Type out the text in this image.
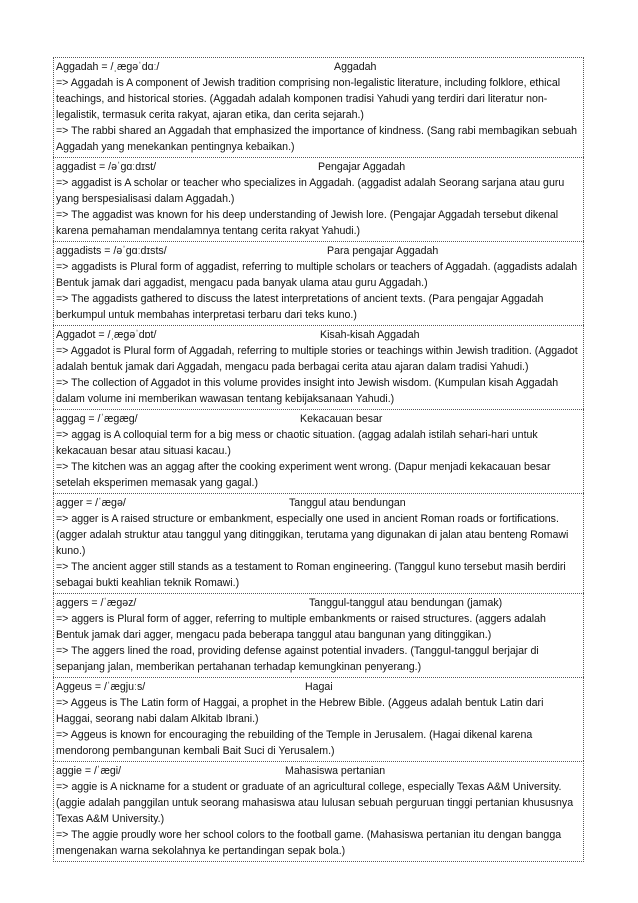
Aggadah = /ˌægəˈdɑː/	Aggadah
=> Aggadah is A component of Jewish tradition comprising non-legalistic literature, including folklore, ethical teachings, and historical stories. (Aggadah adalah komponen tradisi Yahudi yang terdiri dari literatur non-legalistik, termasuk cerita rakyat, ajaran etika, dan cerita sejarah.)
=> The rabbi shared an Aggadah that emphasized the importance of kindness. (Sang rabi membagikan sebuah Aggadah yang menekankan pentingnya kebaikan.)
aggadist = /əˈgɑːdɪst/	Pengajar Aggadah
=> aggadist is A scholar or teacher who specializes in Aggadah. (aggadist adalah Seorang sarjana atau guru yang berspesialisasi dalam Aggadah.)
=> The aggadist was known for his deep understanding of Jewish lore. (Pengajar Aggadah tersebut dikenal karena pemahaman mendalamnya tentang cerita rakyat Yahudi.)
aggadists = /əˈgɑːdɪsts/	Para pengajar Aggadah
=> aggadists is Plural form of aggadist, referring to multiple scholars or teachers of Aggadah. (aggadists adalah Bentuk jamak dari aggadist, mengacu pada banyak ulama atau guru Aggadah.)
=> The aggadists gathered to discuss the latest interpretations of ancient texts. (Para pengajar Aggadah berkumpul untuk membahas interpretasi terbaru dari teks kuno.)
Aggadot = /ˌægəˈdɒt/	Kisah-kisah Aggadah
=> Aggadot is Plural form of Aggadah, referring to multiple stories or teachings within Jewish tradition. (Aggadot adalah bentuk jamak dari Aggadah, mengacu pada berbagai cerita atau ajaran dalam tradisi Yahudi.)
=> The collection of Aggadot in this volume provides insight into Jewish wisdom. (Kumpulan kisah Aggadah dalam volume ini memberikan wawasan tentang kebijaksanaan Yahudi.)
aggag = /ˈægæg/	Kekacauan besar
=> aggag is A colloquial term for a big mess or chaotic situation. (aggag adalah istilah sehari-hari untuk kekacauan besar atau situasi kacau.)
=> The kitchen was an aggag after the cooking experiment went wrong. (Dapur menjadi kekacauan besar setelah eksperimen memasak yang gagal.)
agger = /ˈægə/	Tanggul atau bendungan
=> agger is A raised structure or embankment, especially one used in ancient Roman roads or fortifications. (agger adalah struktur atau tanggul yang ditinggikan, terutama yang digunakan di jalan atau benteng Romawi kuno.)
=> The ancient agger still stands as a testament to Roman engineering. (Tanggul kuno tersebut masih berdiri sebagai bukti keahlian teknik Romawi.)
aggers = /ˈægəz/	Tanggul-tanggul atau bendungan (jamak)
=> aggers is Plural form of agger, referring to multiple embankments or raised structures. (aggers adalah Bentuk jamak dari agger, mengacu pada beberapa tanggul atau bangunan yang ditinggikan.)
=> The aggers lined the road, providing defense against potential invaders. (Tanggul-tanggul berjajar di sepanjang jalan, memberikan pertahanan terhadap kemungkinan penyerang.)
Aggeus = /ˈægjuːs/	Hagai
=> Aggeus is The Latin form of Haggai, a prophet in the Hebrew Bible. (Aggeus adalah bentuk Latin dari Haggai, seorang nabi dalam Alkitab Ibrani.)
=> Aggeus is known for encouraging the rebuilding of the Temple in Jerusalem. (Hagai dikenal karena mendorong pembangunan kembali Bait Suci di Yerusalem.)
aggie = /ˈægi/	Mahasiswa pertanian
=> aggie is A nickname for a student or graduate of an agricultural college, especially Texas A&M University. (aggie adalah panggilan untuk seorang mahasiswa atau lulusan sebuah perguruan tinggi pertanian khususnya Texas A&M University.)
=> The aggie proudly wore her school colors to the football game. (Mahasiswa pertanian itu dengan bangga mengenakan warna sekolahnya ke pertandingan sepak bola.)
